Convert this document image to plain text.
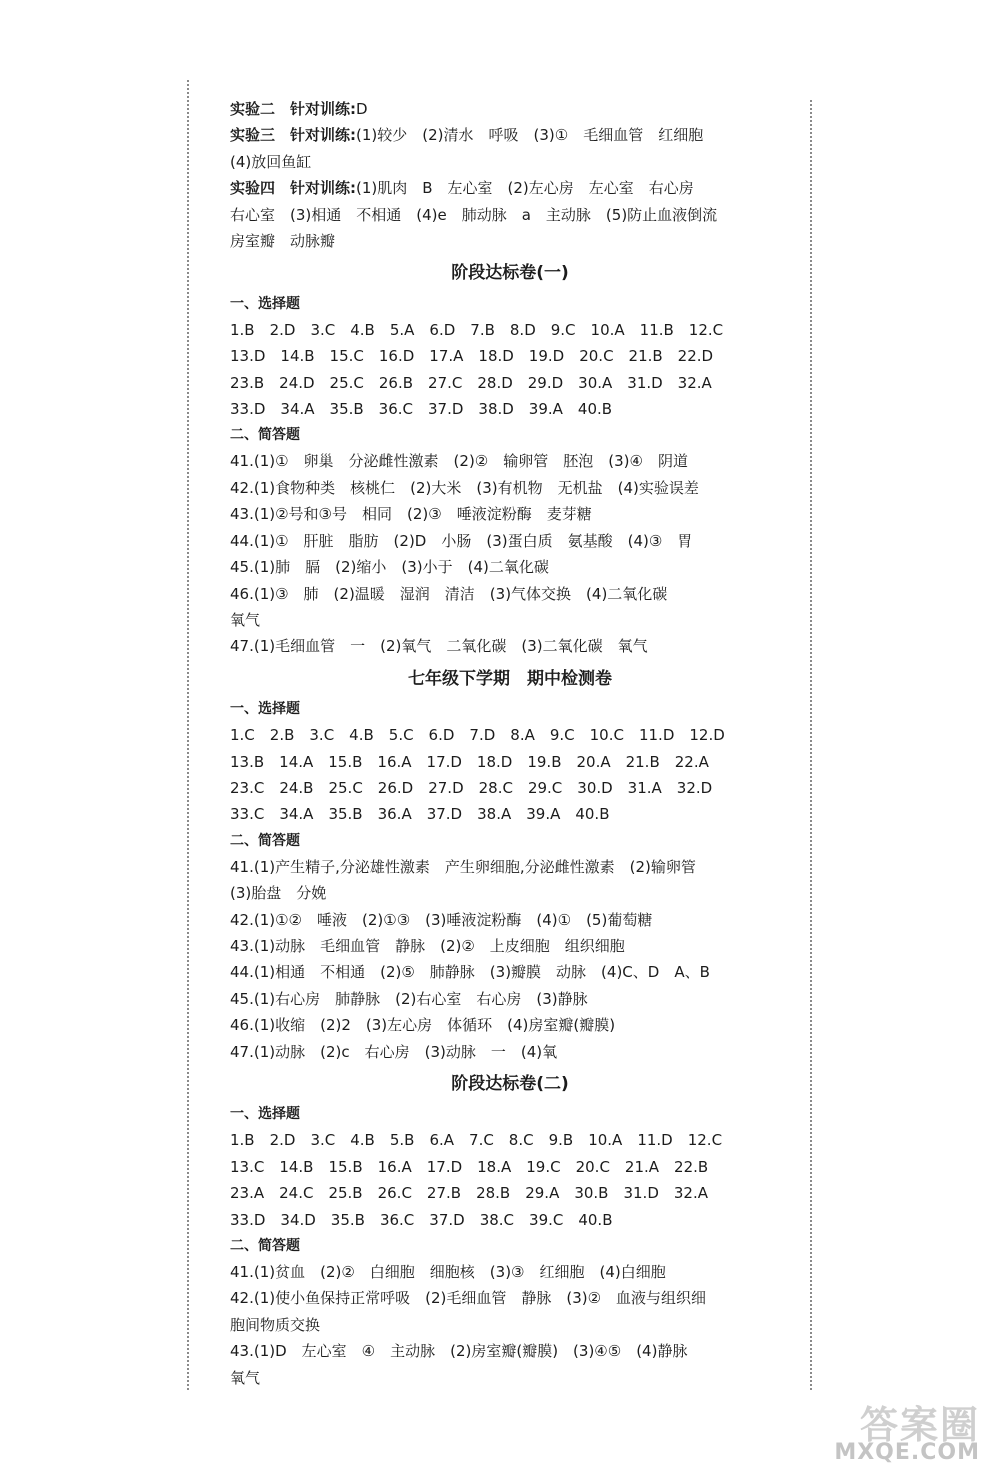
实验二　针对训练:D
实验三　针对训练:(1)较少　(2)清水　呼吸　(3)①　毛细血管　红细胞
(4)放回鱼缸
实验四　针对训练:(1)肌肉　B　左心室　(2)左心房　左心室　右心房
右心室　(3)相通　不相通　(4)e　肺动脉　a　主动脉　(5)防止血液倒流
房室瓣　动脉瓣
阶段达标卷(一)
一、选择题
1.B　2.D　3.C　4.B　5.A　6.D　7.B　8.D　9.C　10.A　11.B　12.C
13.D　14.B　15.C　16.D　17.A　18.D　19.D　20.C　21.B　22.D
23.B　24.D　25.C　26.B　27.C　28.D　29.D　30.A　31.D　32.A
33.D　34.A　35.B　36.C　37.D　38.D　39.A　40.B
二、简答题
41.(1)①　卵巢　分泌雌性激素　(2)②　输卵管　胚泡　(3)④　阴道
42.(1)食物种类　核桃仁　(2)大米　(3)有机物　无机盐　(4)实验误差
43.(1)②号和③号　相同　(2)③　唾液淀粉酶　麦芽糖
44.(1)①　肝脏　脂肪　(2)D　小肠　(3)蛋白质　氨基酸　(4)③　胃
45.(1)肺　膈　(2)缩小　(3)小于　(4)二氧化碳
46.(1)③　肺　(2)温暖　湿润　清洁　(3)气体交换　(4)二氧化碳
氧气
47.(1)毛细血管　一　(2)氧气　二氧化碳　(3)二氧化碳　氧气
七年级下学期　期中检测卷
一、选择题
1.C　2.B　3.C　4.B　5.C　6.D　7.D　8.A　9.C　10.C　11.D　12.D
13.B　14.A　15.B　16.A　17.D　18.D　19.B　20.A　21.B　22.A
23.C　24.B　25.C　26.D　27.D　28.C　29.C　30.D　31.A　32.D
33.C　34.A　35.B　36.A　37.D　38.A　39.A　40.B
二、简答题
41.(1)产生精子,分泌雄性激素　产生卵细胞,分泌雌性激素　(2)输卵管
(3)胎盘　分娩
42.(1)①②　唾液　(2)①③　(3)唾液淀粉酶　(4)①　(5)葡萄糖
43.(1)动脉　毛细血管　静脉　(2)②　上皮细胞　组织细胞
44.(1)相通　不相通　(2)⑤　肺静脉　(3)瓣膜　动脉　(4)C、D　A、B
45.(1)右心房　肺静脉　(2)右心室　右心房　(3)静脉
46.(1)收缩　(2)2　(3)左心房　体循环　(4)房室瓣(瓣膜)
47.(1)动脉　(2)c　右心房　(3)动脉　一　(4)氧
阶段达标卷(二)
一、选择题
1.B　2.D　3.C　4.B　5.B　6.A　7.C　8.C　9.B　10.A　11.D　12.C
13.C　14.B　15.B　16.A　17.D　18.A　19.C　20.C　21.A　22.B
23.A　24.C　25.B　26.C　27.B　28.B　29.A　30.B　31.D　32.A
33.D　34.D　35.B　36.C　37.D　38.C　39.C　40.B
二、简答题
41.(1)贫血　(2)②　白细胞　细胞核　(3)③　红细胞　(4)白细胞
42.(1)使小鱼保持正常呼吸　(2)毛细血管　静脉　(3)②　血液与组织细
胞间物质交换
43.(1)D　左心室　④　主动脉　(2)房室瓣(瓣膜)　(3)④⑤　(4)静脉
氧气
答案圈
MXQE.COM
